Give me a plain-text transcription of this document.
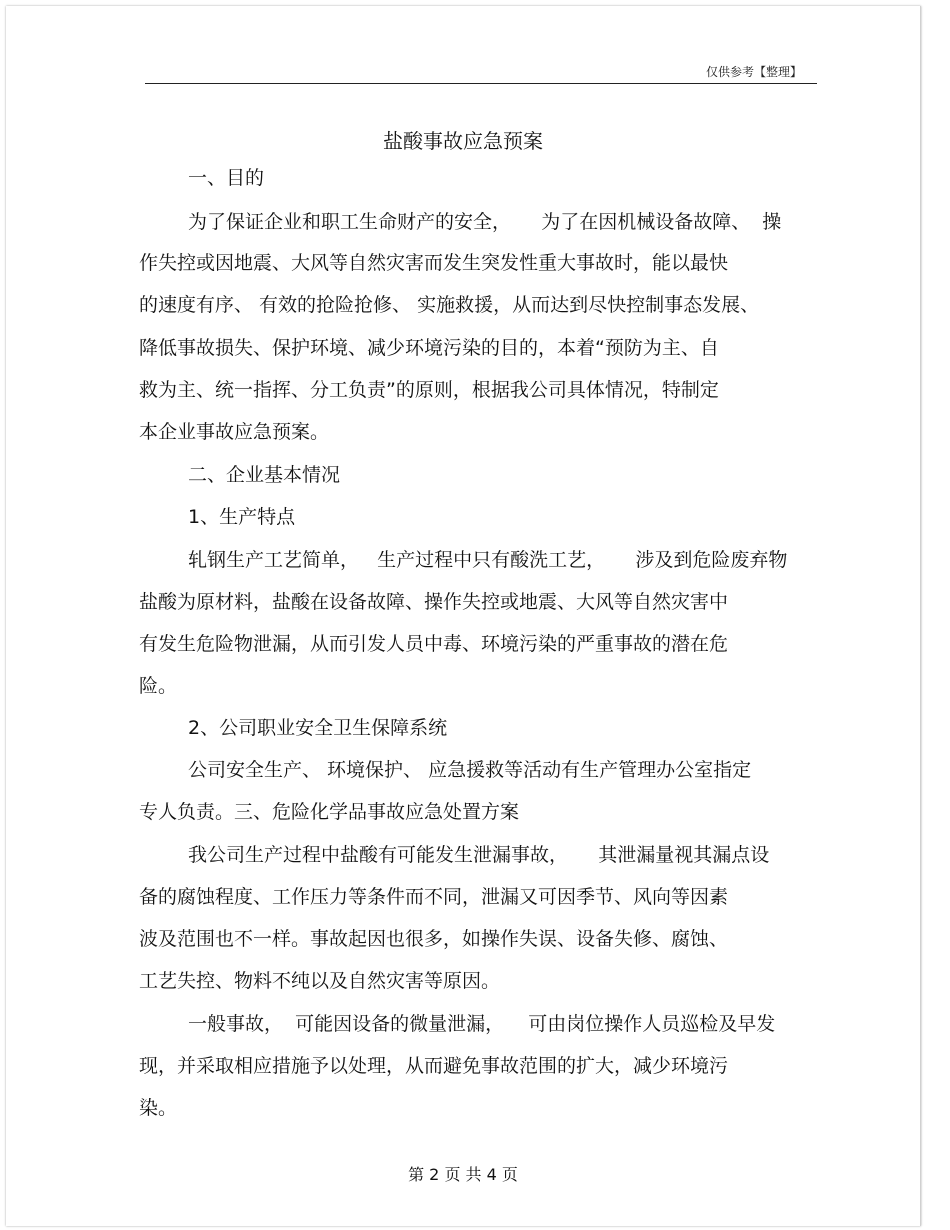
仅供参考【整理】
盐酸事故应急预案
一、目的
为了保证企业和职工生命财产的安全，     为了在因机械设备故障、  操
作失控或因地震、大风等自然灾害而发生突发性重大事故时，能以最快
的速度有序、 有效的抢险抢修、 实施救援，从而达到尽快控制事态发展、
降低事故损失、保护环境、减少环境污染的目的，本着“预防为主、自
救为主、统一指挥、分工负责”的原则，根据我公司具体情况，特制定
本企业事故应急预案。
二、企业基本情况
1、生产特点
轧钢生产工艺简单，   生产过程中只有酸洗工艺，     涉及到危险废弃物
盐酸为原材料，盐酸在设备故障、操作失控或地震、大风等自然灾害中
有发生危险物泄漏，从而引发人员中毒、环境污染的严重事故的潜在危
险。
2、公司职业安全卫生保障系统
公司安全生产、 环境保护、 应急援救等活动有生产管理办公室指定
专人负责。三、危险化学品事故应急处置方案
我公司生产过程中盐酸有可能发生泄漏事故，     其泄漏量视其漏点设
备的腐蚀程度、工作压力等条件而不同，泄漏又可因季节、风向等因素
波及范围也不一样。事故起因也很多，如操作失误、设备失修、腐蚀、
工艺失控、物料不纯以及自然灾害等原因。
一般事故，  可能因设备的微量泄漏，    可由岗位操作人员巡检及早发
现，并采取相应措施予以处理，从而避免事故范围的扩大，减少环境污
染。
第 2 页 共 4 页
